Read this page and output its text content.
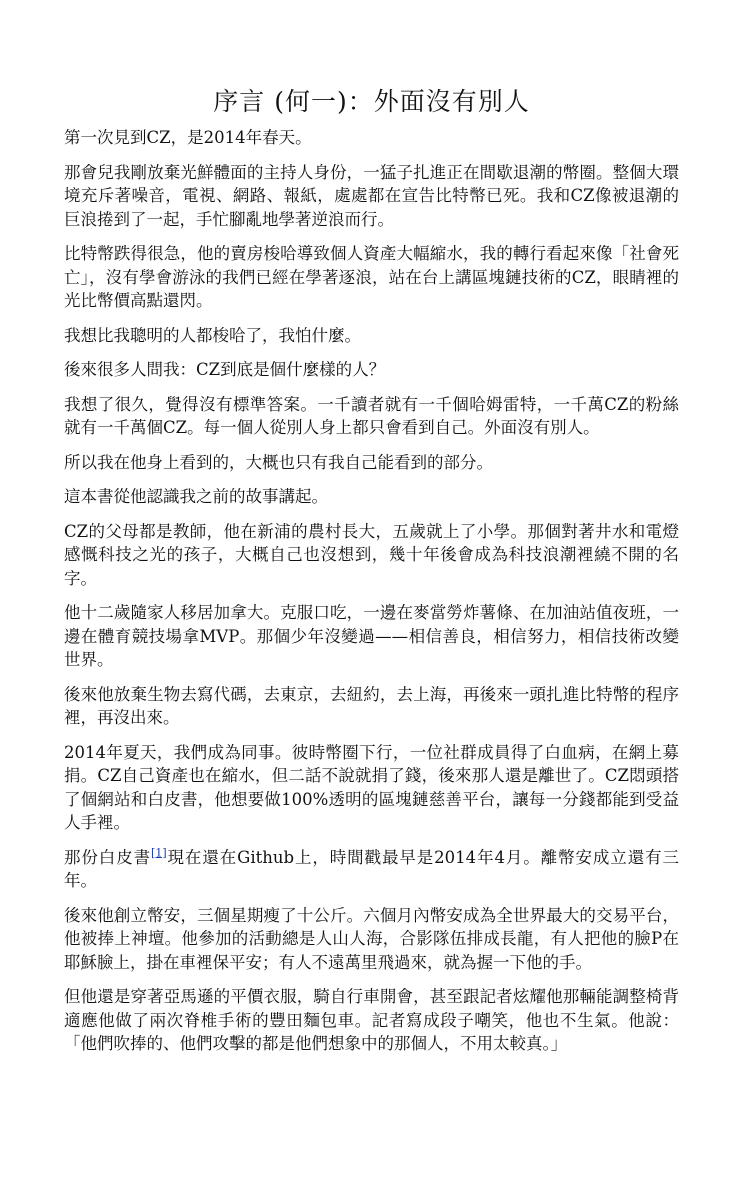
序言 (何一)：外面沒有別人

第一次見到CZ，是2014年春天。

那會兒我剛放棄光鮮體面的主持人身份，一猛子扎進正在間歇退潮的幣圈。整個大環境充斥著噪音，電視、網路、報紙，處處都在宣告比特幣已死。我和CZ像被退潮的巨浪捲到了一起，手忙腳亂地學著逆浪而行。

比特幣跌得很急，他的賣房梭哈導致個人資產大幅縮水，我的轉行看起來像「社會死亡」，沒有學會游泳的我們已經在學著逐浪，站在台上講區塊鏈技術的CZ，眼睛裡的光比幣價高點還閃。

我想比我聰明的人都梭哈了，我怕什麼。

後來很多人問我：CZ到底是個什麼樣的人？

我想了很久，覺得沒有標準答案。一千讀者就有一千個哈姆雷特，一千萬CZ的粉絲就有一千萬個CZ。每一個人從別人身上都只會看到自己。外面沒有別人。

所以我在他身上看到的，大概也只有我自己能看到的部分。

這本書從他認識我之前的故事講起。

CZ的父母都是教師，他在新浦的農村長大，五歲就上了小學。那個對著井水和電燈感慨科技之光的孩子，大概自己也沒想到，幾十年後會成為科技浪潮裡繞不開的名字。

他十二歲隨家人移居加拿大。克服口吃，一邊在麥當勞炸薯條、在加油站值夜班，一邊在體育競技場拿MVP。那個少年沒變過——相信善良，相信努力，相信技術改變世界。

後來他放棄生物去寫代碼，去東京，去紐約，去上海，再後來一頭扎進比特幣的程序裡，再沒出來。

2014年夏天，我們成為同事。彼時幣圈下行，一位社群成員得了白血病，在網上募捐。CZ自己資產也在縮水，但二話不說就捐了錢，後來那人還是離世了。CZ悶頭搭了個網站和白皮書，他想要做100%透明的區塊鏈慈善平台，讓每一分錢都能到受益人手裡。

那份白皮書[1]現在還在Github上，時間戳最早是2014年4月。離幣安成立還有三年。

後來他創立幣安，三個星期瘦了十公斤。六個月內幣安成為全世界最大的交易平台，他被捧上神壇。他參加的活動總是人山人海，合影隊伍排成長龍，有人把他的臉P在耶穌臉上，掛在車裡保平安；有人不遠萬里飛過來，就為握一下他的手。

但他還是穿著亞馬遜的平價衣服，騎自行車開會，甚至跟記者炫耀他那輛能調整椅背適應他做了兩次脊椎手術的豐田麵包車。記者寫成段子嘲笑，他也不生氣。他說：「他們吹捧的、他們攻擊的都是他們想象中的那個人，不用太較真。」
